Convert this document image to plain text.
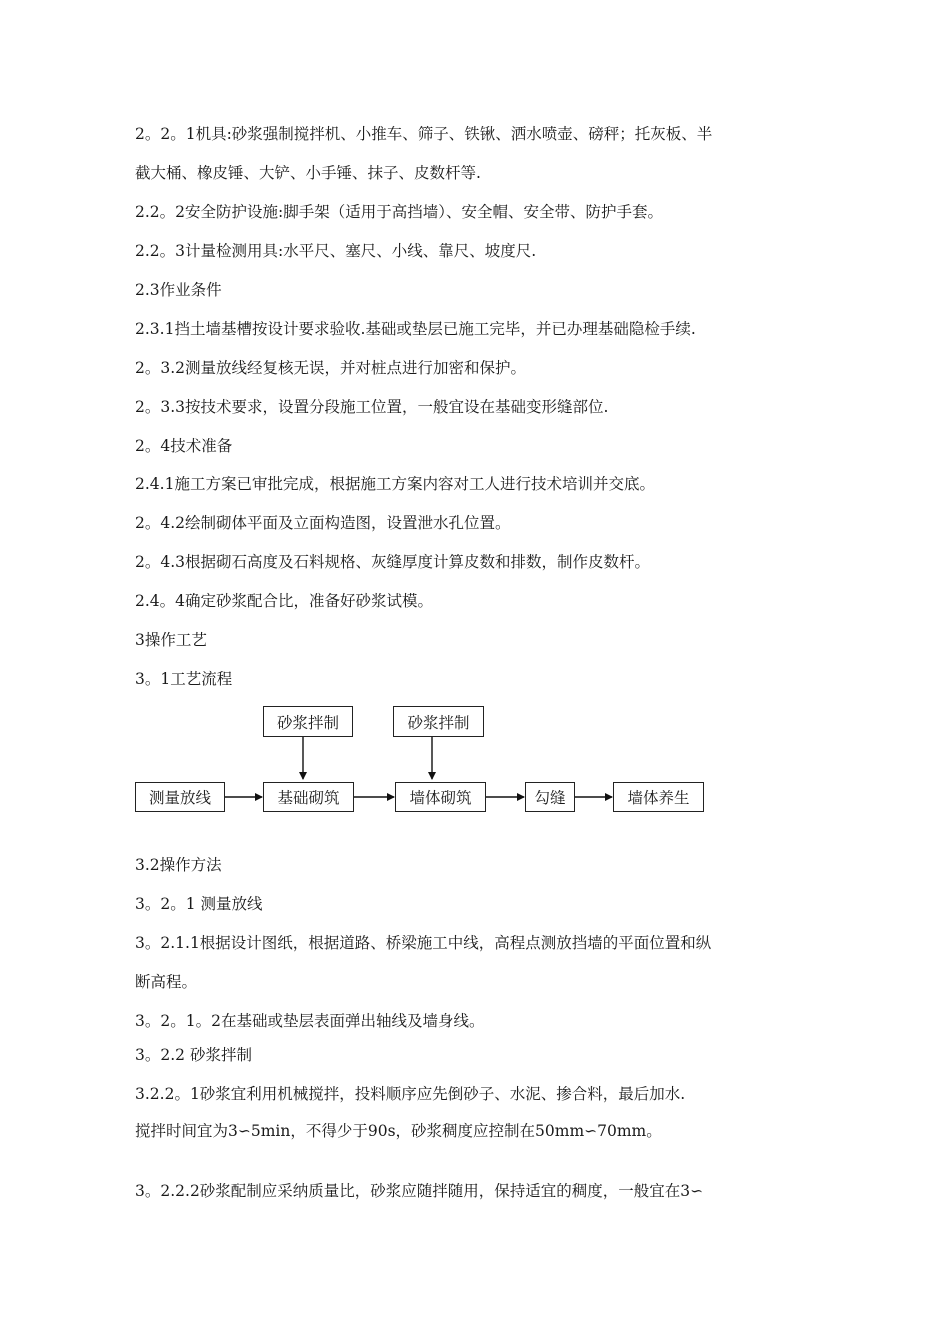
2。2。1机具:砂浆强制搅拌机、小推车、筛子、铁锹、洒水喷壶、磅秤；托灰板、半
截大桶、橡皮锤、大铲、小手锤、抹子、皮数杆等.
2.2。2安全防护设施:脚手架（适用于高挡墙）、安全帽、安全带、防护手套。
2.2。3计量检测用具:水平尺、塞尺、小线、靠尺、坡度尺.
2.3作业条件
2.3.1挡土墙基槽按设计要求验收.基础或垫层已施工完毕，并已办理基础隐检手续.
2。3.2测量放线经复核无误，并对桩点进行加密和保护。
2。3.3按技术要求，设置分段施工位置，一般宜设在基础变形缝部位.
2。4技术准备
2.4.1施工方案已审批完成，根据施工方案内容对工人进行技术培训并交底。
2。4.2绘制砌体平面及立面构造图，设置泄水孔位置。
2。4.3根据砌石高度及石料规格、灰缝厚度计算皮数和排数，制作皮数杆。
2.4。4确定砂浆配合比，准备好砂浆试模。
3操作工艺
3。1工艺流程
砂浆拌制	砂浆拌制
测量放线	基础砌筑	墙体砌筑	勾缝	墙体养生
3.2操作方法
3。2。1 测量放线
3。2.1.1根据设计图纸，根据道路、桥梁施工中线，高程点测放挡墙的平面位置和纵
断高程。
3。2。1。2在基础或垫层表面弹出轴线及墙身线。
3。2.2 砂浆拌制
3.2.2。1砂浆宜利用机械搅拌，投料顺序应先倒砂子、水泥、掺合料，最后加水.
搅拌时间宜为3∽5min，不得少于90s，砂浆稠度应控制在50mm∽70mm。
3。2.2.2砂浆配制应采纳质量比，砂浆应随拌随用，保持适宜的稠度，一般宜在3∽
